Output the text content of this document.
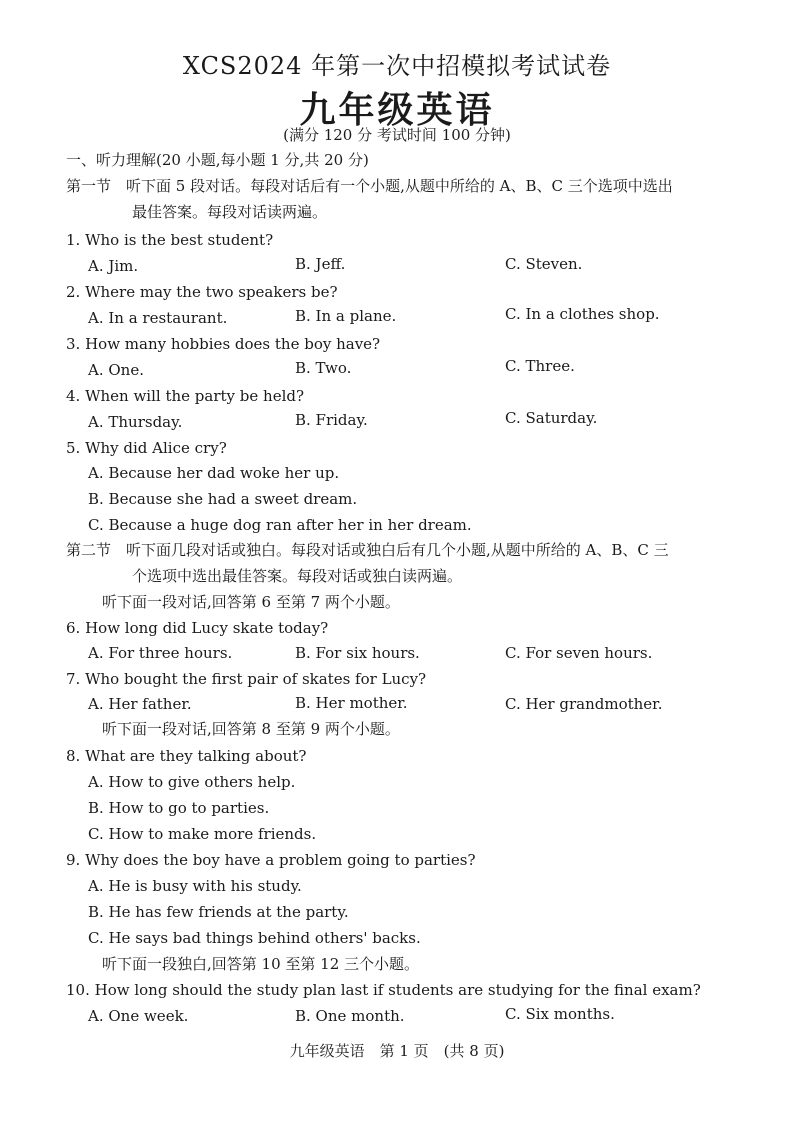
XCS2024 年第一次中招模拟考试试卷
九年级英语
(满分 120 分 考试时间 100 分钟)
一、听力理解(20 小题,每小题 1 分,共 20 分)
第一节　听下面 5 段对话。每段对话后有一个小题,从题中所给的 A、B、C 三个选项中选出
最佳答案。每段对话读两遍。
1. Who is the best student?
A. Jim.	B. Jeff.	C. Steven.
2. Where may the two speakers be?
A. In a restaurant.	B. In a plane.	C. In a clothes shop.
3. How many hobbies does the boy have?
A. One.	B. Two.	C. Three.
4. When will the party be held?
A. Thursday.	B. Friday.	C. Saturday.
5. Why did Alice cry?
A. Because her dad woke her up.
B. Because she had a sweet dream.
C. Because a huge dog ran after her in her dream.
第二节　听下面几段对话或独白。每段对话或独白后有几个小题,从题中所给的 A、B、C 三
个选项中选出最佳答案。每段对话或独白读两遍。
听下面一段对话,回答第 6 至第 7 两个小题。
6. How long did Lucy skate today?
A. For three hours.	B. For six hours.	C. For seven hours.
7. Who bought the first pair of skates for Lucy?
A. Her father.	B. Her mother.	C. Her grandmother.
听下面一段对话,回答第 8 至第 9 两个小题。
8. What are they talking about?
A. How to give others help.
B. How to go to parties.
C. How to make more friends.
9. Why does the boy have a problem going to parties?
A. He is busy with his study.
B. He has few friends at the party.
C. He says bad things behind others' backs.
听下面一段独白,回答第 10 至第 12 三个小题。
10. How long should the study plan last if students are studying for the final exam?
A. One week.	B. One month.	C. Six months.
九年级英语　第 1 页　(共 8 页)
